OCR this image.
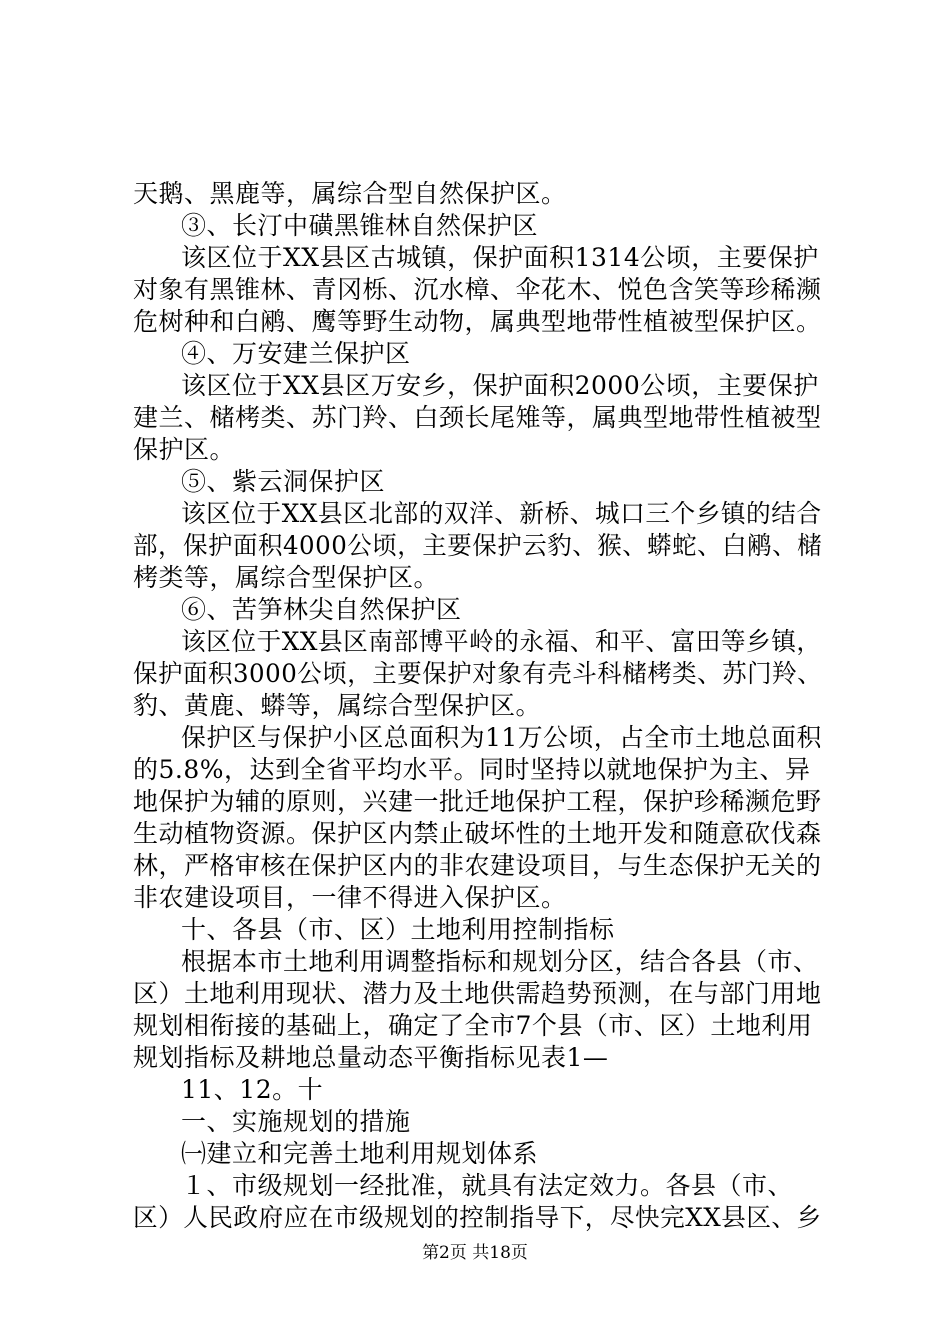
天鹅、黑鹿等，属综合型自然保护区。
③、长汀中磺黑锥林自然保护区
该区位于XX县区古城镇，保护面积1314公顷，主要保护
对象有黑锥林、青冈栎、沉水樟、伞花木、悦色含笑等珍稀濒
危树种和白鹇、鹰等野生动物，属典型地带性植被型保护区。
④、万安建兰保护区
该区位于XX县区万安乡，保护面积2000公顷，主要保护
建兰、槠栲类、苏门羚、白颈长尾雉等，属典型地带性植被型
保护区。
⑤、紫云洞保护区
该区位于XX县区北部的双洋、新桥、城口三个乡镇的结合
部，保护面积4000公顷，主要保护云豹、猴、蟒蛇、白鹇、槠
栲类等，属综合型保护区。
⑥、苦笋林尖自然保护区
该区位于XX县区南部博平岭的永福、和平、富田等乡镇，
保护面积3000公顷，主要保护对象有壳斗科槠栲类、苏门羚、
豹、黄鹿、蟒等，属综合型保护区。
保护区与保护小区总面积为11万公顷，占全市土地总面积
的5.8%，达到全省平均水平。同时坚持以就地保护为主、异
地保护为辅的原则，兴建一批迁地保护工程，保护珍稀濒危野
生动植物资源。保护区内禁止破坏性的土地开发和随意砍伐森
林，严格审核在保护区内的非农建设项目，与生态保护无关的
非农建设项目，一律不得进入保护区。
十、各县（市、区）土地利用控制指标
根据本市土地利用调整指标和规划分区，结合各县（市、
区）土地利用现状、潜力及土地供需趋势预测，在与部门用地
规划相衔接的基础上，确定了全市7个县（市、区）土地利用
规划指标及耕地总量动态平衡指标见表1—
11、12。十
一、实施规划的措施
㈠建立和完善土地利用规划体系
１、市级规划一经批准，就具有法定效力。各县（市、
区）人民政府应在市级规划的控制指导下，尽快完XX县区、乡
第2页 共18页
